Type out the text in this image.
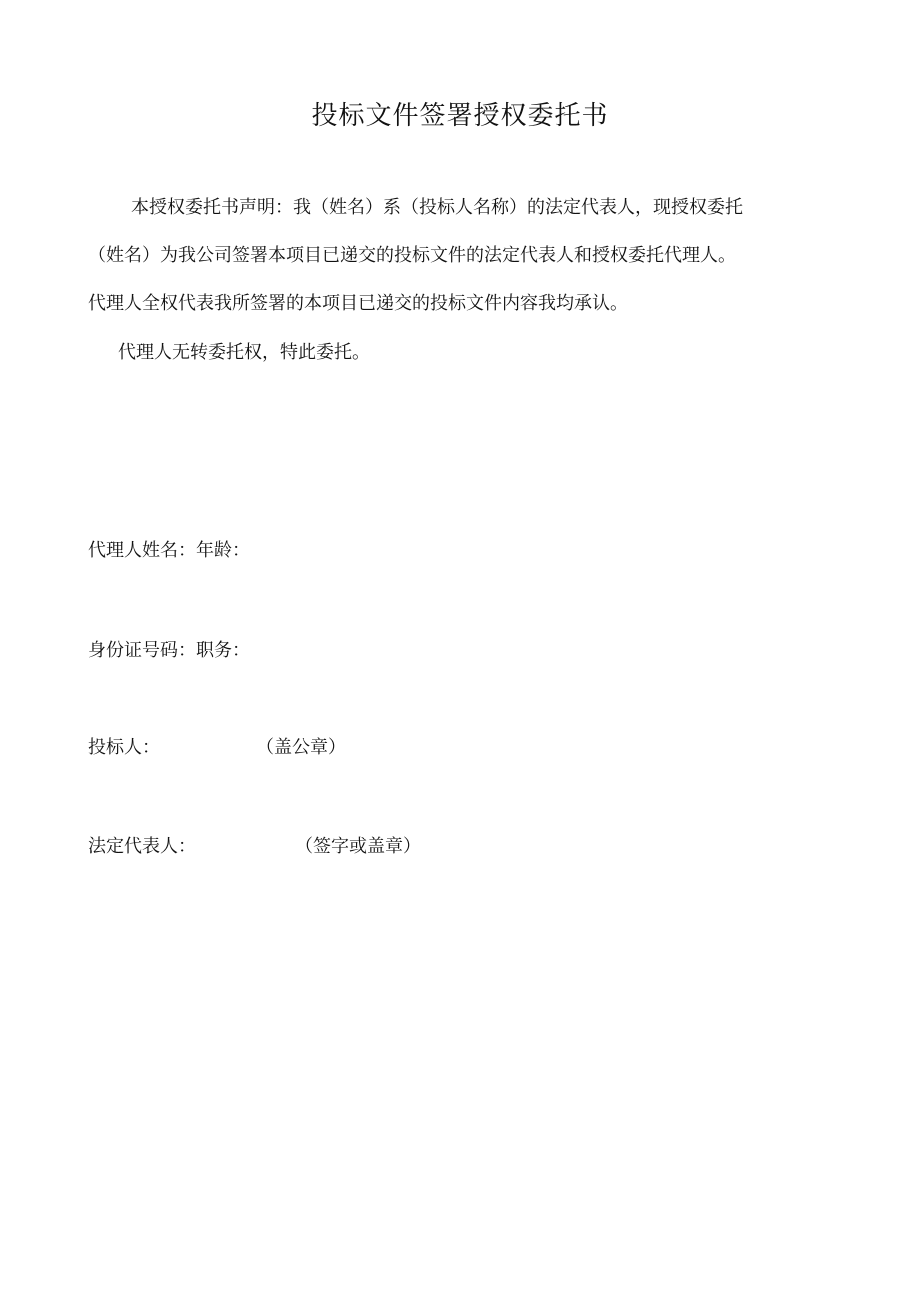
投标文件签署授权委托书
本授权委托书声明：我（姓名）系（投标人名称）的法定代表人，现授权委托
（姓名）为我公司签署本项目已递交的投标文件的法定代表人和授权委托代理人。
代理人全权代表我所签署的本项目已递交的投标文件内容我均承认。
代理人无转委托权，特此委托。
代理人姓名：年龄：
身份证号码：职务：
投标人：	（盖公章）
法定代表人：	（签字或盖章）
